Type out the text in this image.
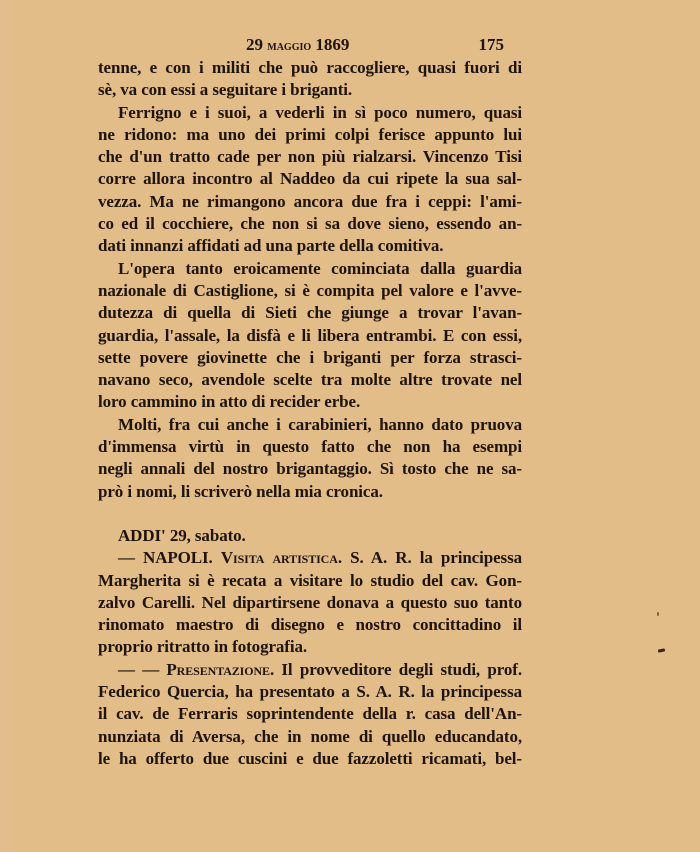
29 maggio 1869	175
tenne, e con i militi che può raccogliere, quasi fuori di
sè, va con essi a seguitare i briganti.
Ferrigno e i suoi, a vederli in sì poco numero, quasi
ne ridono: ma uno dei primi colpi ferisce appunto lui
che d'un tratto cade per non più rialzarsi. Vincenzo Tisi
corre allora incontro al Naddeo da cui ripete la sua sal-
vezza. Ma ne rimangono ancora due fra i ceppi: l'ami-
co ed il cocchiere, che non si sa dove sieno, essendo an-
dati innanzi affidati ad una parte della comitiva.
L'opera tanto eroicamente cominciata dalla guardia
nazionale di Castiglione, si è compita pel valore e l'avve-
dutezza di quella di Sieti che giunge a trovar l'avan-
guardia, l'assale, la disfà e li libera entrambi. E con essi,
sette povere giovinette che i briganti per forza strasci-
navano seco, avendole scelte tra molte altre trovate nel
loro cammino in atto di recider erbe.
Molti, fra cui anche i carabinieri, hanno dato pruova
d'immensa virtù in questo fatto che non ha esempi
negli annali del nostro brigantaggio. Sì tosto che ne sa-
prò i nomi, li scriverò nella mia cronica.
ADDI' 29, sabato.
— NAPOLI. Visita artistica. S. A. R. la principessa
Margherita si è recata a visitare lo studio del cav. Gon-
zalvo Carelli. Nel dipartirsene donava a questo suo tanto
rinomato maestro di disegno e nostro concittadino il
proprio ritratto in fotografia.
— — Presentazione. Il provveditore degli studi, prof.
Federico Quercia, ha presentato a S. A. R. la principessa
il cav. de Ferraris soprintendente della r. casa dell'An-
nunziata di Aversa, che in nome di quello educandato,
le ha offerto due cuscini e due fazzoletti ricamati, bel-
